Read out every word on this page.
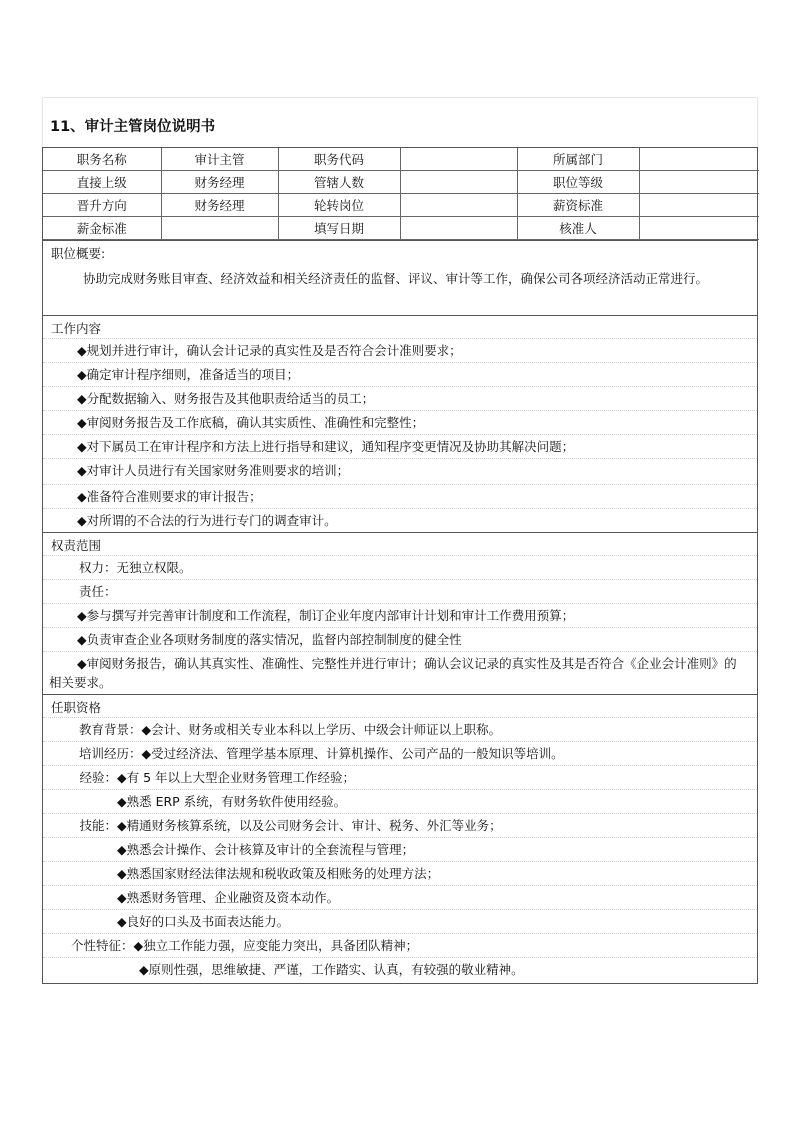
11、审计主管岗位说明书
职务名称	审计主管	职务代码		所属部门	
直接上级	财务经理	管辖人数		职位等级	
晋升方向	财务经理	轮转岗位		薪资标准	
薪金标准		填写日期		核准人	
职位概要:
协助完成财务账目审查、经济效益和相关经济责任的监督、评议、审计等工作，确保公司各项经济活动正常进行。
工作内容
◆规划并进行审计，确认会计记录的真实性及是否符合会计准则要求；
◆确定审计程序细则，准备适当的项目；
◆分配数据输入、财务报告及其他职责给适当的员工；
◆审阅财务报告及工作底稿，确认其实质性、准确性和完整性；
◆对下属员工在审计程序和方法上进行指导和建议，通知程序变更情况及协助其解决问题；
◆对审计人员进行有关国家财务准则要求的培训；
◆准备符合准则要求的审计报告；
◆对所谓的不合法的行为进行专门的调查审计。
权责范围
权力：无独立权限。
责任：
◆参与撰写并完善审计制度和工作流程，制订企业年度内部审计计划和审计工作费用预算；
◆负责审查企业各项财务制度的落实情况，监督内部控制制度的健全性
◆审阅财务报告，确认其真实性、准确性、完整性并进行审计；确认会议记录的真实性及其是否符合《企业会计准则》的相关要求。
任职资格
教育背景：◆会计、财务或相关专业本科以上学历、中级会计师证以上职称。
培训经历：◆受过经济法、管理学基本原理、计算机操作、公司产品的一般知识等培训。
经验：◆有 5 年以上大型企业财务管理工作经验；
◆熟悉 ERP 系统，有财务软件使用经验。
技能：◆精通财务核算系统，以及公司财务会计、审计、税务、外汇等业务；
◆熟悉会计操作、会计核算及审计的全套流程与管理；
◆熟悉国家财经法律法规和税收政策及相账务的处理方法；
◆熟悉财务管理、企业融资及资本动作。
◆良好的口头及书面表达能力。
个性特征：◆独立工作能力强，应变能力突出，具备团队精神；
◆原则性强，思维敏捷、严谨，工作踏实、认真，有较强的敬业精神。
